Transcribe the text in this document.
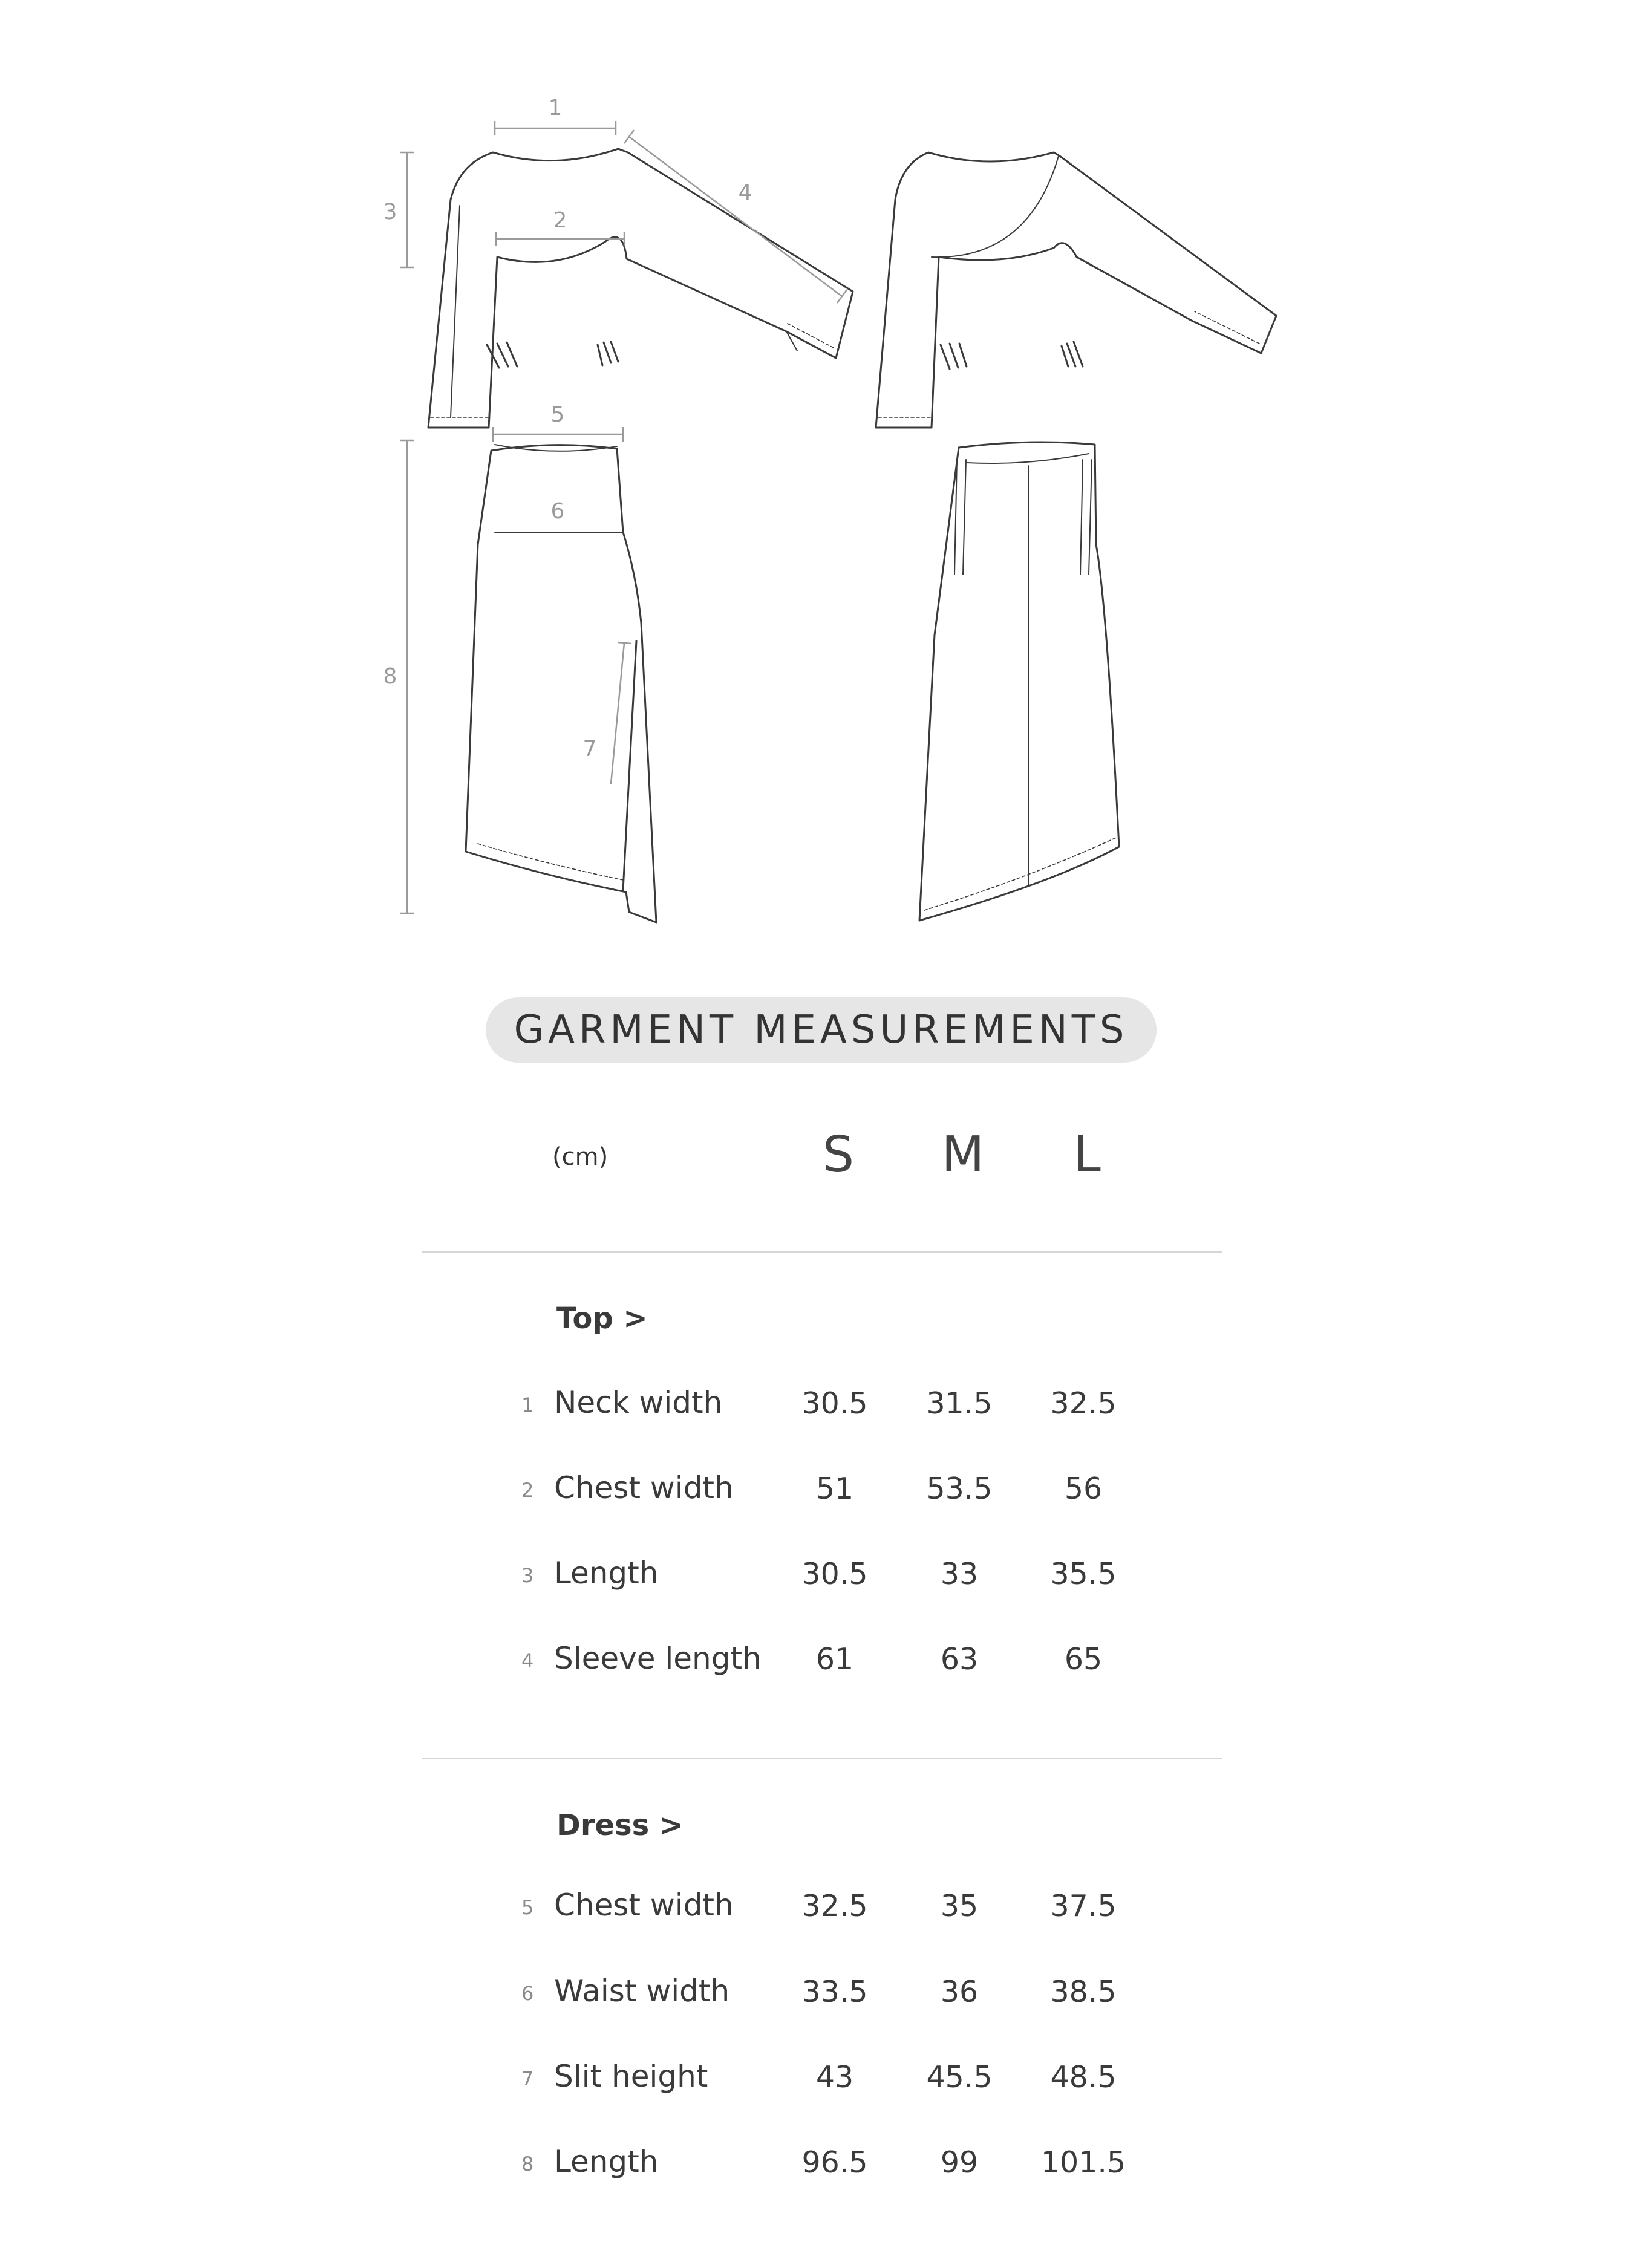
1
2
3
4
5
6
7
8
GARMENT MEASUREMENTS
(cm)	S	M	L
Top >
1 Neck width	30.5	31.5	32.5
2 Chest width	51	53.5	56
3 Length	30.5	33	35.5
4 Sleeve length	61	63	65
Dress >
5 Chest width	32.5	35	37.5
6 Waist width	33.5	36	38.5
7 Slit height	43	45.5	48.5
8 Length	96.5	99	101.5
